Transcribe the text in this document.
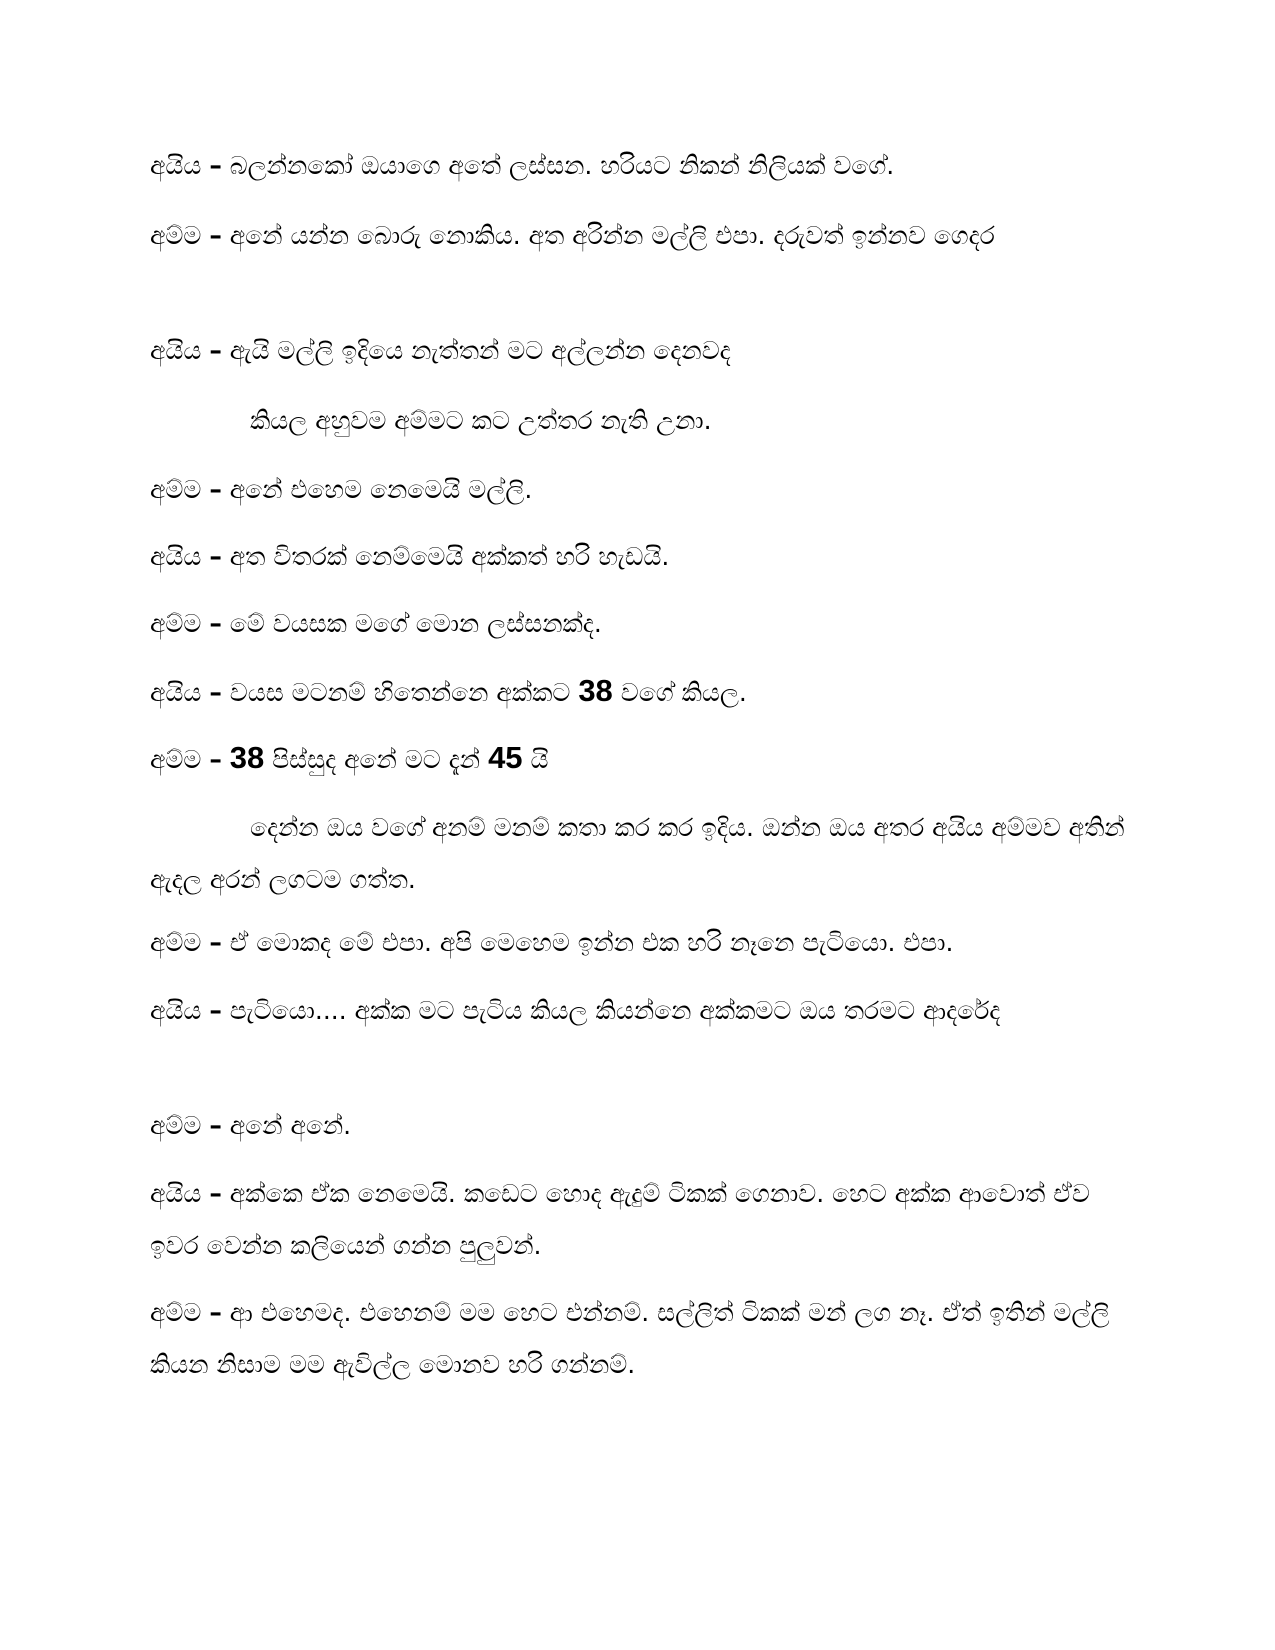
අයිය – බලන්නකෝ ඔයාගෙ අතේ ලස්සන. හරියට නිකන් නිලියක් වගේ.

අම්ම – අනේ යන්න බොරු නොකිය. අත අරින්න මල්ලි එපා. දරුවත් ඉන්නව ගෙදර

අයිය – ඇයි මල්ලි ඉදියෙ නැත්තන් මට අල්ලන්න දෙනවද

කියල අහුවම අම්මට කට උත්තර නැති උනා.

අම්ම – අනේ එහෙම නෙමෙයි මල්ලි.

අයිය – අත විතරක් නෙම්මෙයි අක්කත් හරි හැඩයි.

අම්ම – මේ වයසක මගේ මොන ලස්සනක්ද.

අයිය – වයස මටනම් හිතෙන්නෙ අක්කට 38 වගේ කියල.

අම්ම – 38 පිස්සුද අනේ මට දැන් 45 යි

දෙන්න ඔය වගේ අනම් මනම් කතා කර කර ඉදිය. ඔන්න ඔය අතර අයිය අම්මව අතින් ඇදල අරන් ලගටම ගත්ත.

අම්ම – ඒ මොකද මේ එපා. අපි මෙහෙම ඉන්න එක හරි නෑනෙ පැටියො. එපා.

අයිය – පැටියො.... අක්ක මට පැටිය කියල කියන්නෙ අක්කමට ඔය තරමට ආදරේද

අම්ම – අනේ අනේ.

අයිය – අක්කෙ ඒක නෙමෙයි. කඩෙට හොද ඇදුම් ටිකක් ගෙනාව. හෙට අක්ක ආවොත් ඒව ඉවර වෙන්න කලියෙන් ගන්න පුලුවන්.

අම්ම – ආ එහෙමද. එහෙනම් මම හෙට එන්නම්. සල්ලිත් ටිකක් මන් ලග නෑ. ඒත් ඉතින් මල්ලි කියන නිසාම මම ඇවිල්ල මොනව හරි ගන්නම්.
